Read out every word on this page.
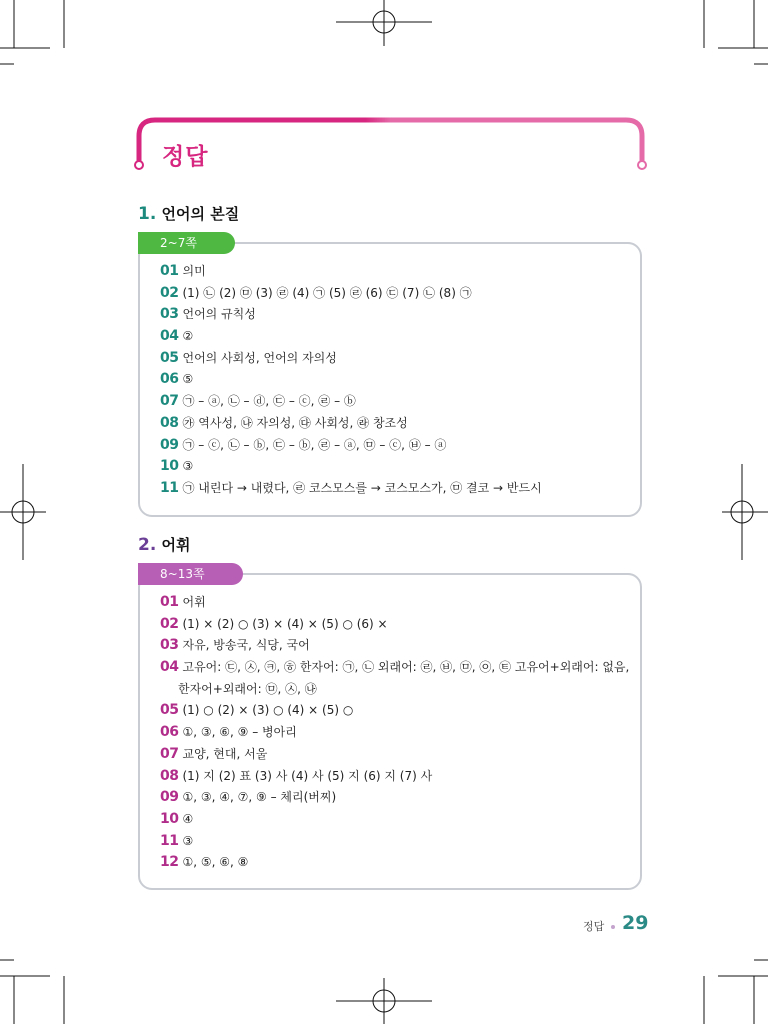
정답
1. 언어의 본질
2~7쪽
01 의미
02 (1) ㉡ (2) ㉤ (3) ㉣ (4) ㉠ (5) ㉣ (6) ㉢ (7) ㉡ (8) ㉠
03 언어의 규칙성
04 ②
05 언어의 사회성, 언어의 자의성
06 ⑤
07 ㉠ – ⓐ, ㉡ – ⓓ, ㉢ – ⓒ, ㉣ – ⓑ
08 ㉮ 역사성, ㉯ 자의성, ㉰ 사회성, ㉱ 창조성
09 ㉠ – ⓒ, ㉡ – ⓑ, ㉢ – ⓑ, ㉣ – ⓐ, ㉤ – ⓒ, ㉥ – ⓐ
10 ③
11 ㉠ 내린다 → 내렸다, ㉣ 코스모스를 → 코스모스가, ㉤ 결코 → 반드시
2. 어휘
8~13쪽
01 어휘
02 (1) × (2) ○ (3) × (4) × (5) ○ (6) ×
03 자유, 방송국, 식당, 국어
04 고유어: ㉢, ㉦, ㉪, ㉭ 한자어: ㉠, ㉡ 외래어: ㉣, ㉥, ㉤, ㉧, ㉫ 고유어+외래어: 없음,
한자어+외래어: ㉤, ㉦, ㉯
05 (1) ○ (2) × (3) ○ (4) × (5) ○
06 ①, ③, ⑥, ⑨ – 병아리
07 교양, 현대, 서울
08 (1) 지 (2) 표 (3) 사 (4) 사 (5) 지 (6) 지 (7) 사
09 ①, ③, ④, ⑦, ⑨ – 체리(버찌)
10 ④
11 ③
12 ①, ⑤, ⑥, ⑧
정답 29
